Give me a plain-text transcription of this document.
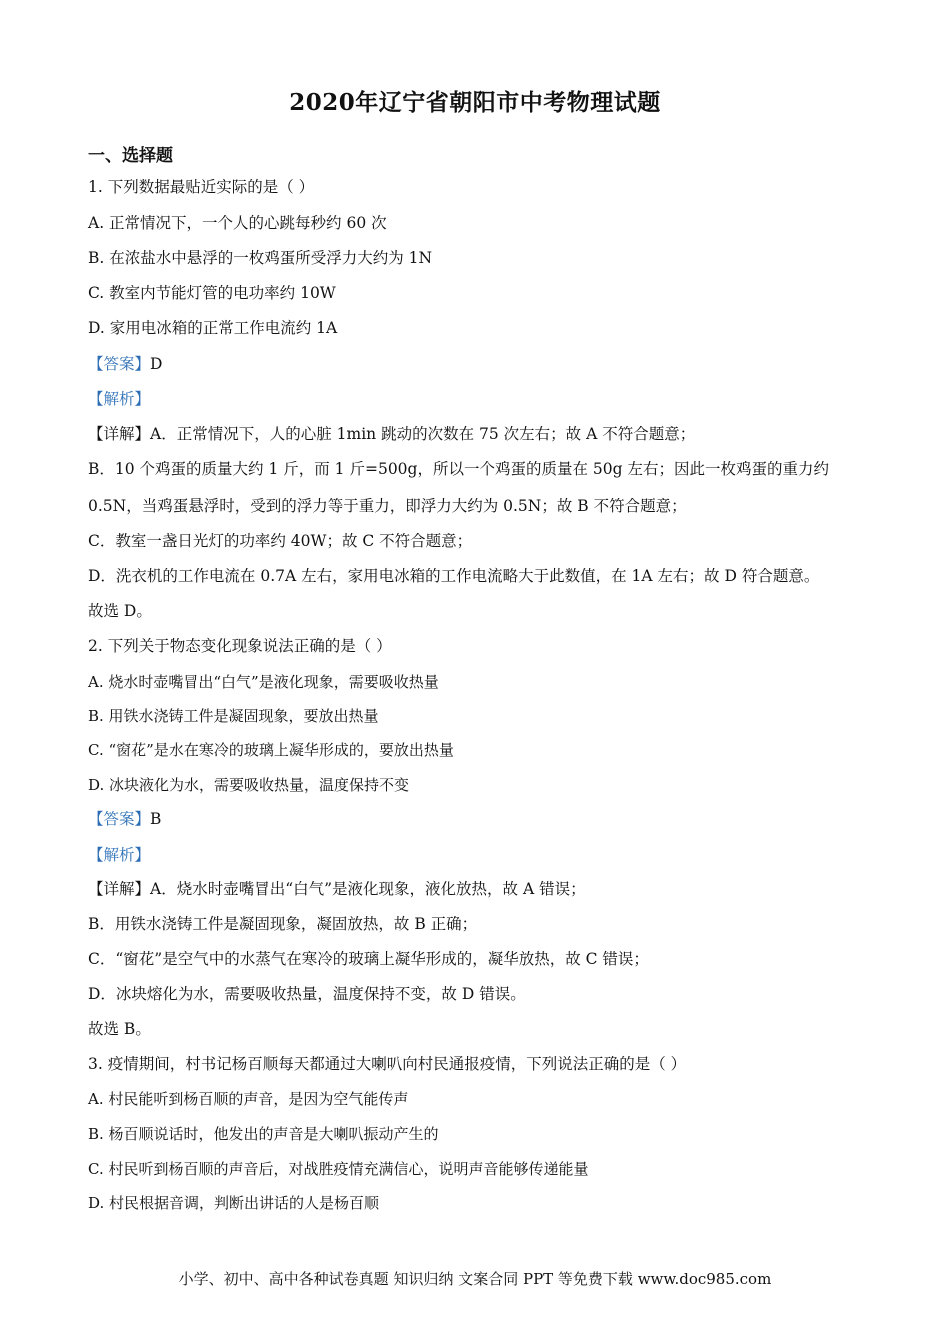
2020年辽宁省朝阳市中考物理试题
一、选择题
1. 下列数据最贴近实际的是（ ）
A. 正常情况下，一个人的心跳每秒约 60 次
B. 在浓盐水中悬浮的一枚鸡蛋所受浮力大约为 1N
C. 教室内节能灯管的电功率约 10W
D. 家用电冰箱的正常工作电流约 1A
【答案】D
【解析】
【详解】A．正常情况下，人的心脏 1min 跳动的次数在 75 次左右；故 A 不符合题意；
B．10 个鸡蛋的质量大约 1 斤，而 1 斤=500g，所以一个鸡蛋的质量在 50g 左右；因此一枚鸡蛋的重力约
0.5N，当鸡蛋悬浮时，受到的浮力等于重力，即浮力大约为 0.5N；故 B 不符合题意；
C．教室一盏日光灯的功率约 40W；故 C 不符合题意；
D．洗衣机的工作电流在 0.7A 左右，家用电冰箱的工作电流略大于此数值，在 1A 左右；故 D 符合题意。
故选 D。
2. 下列关于物态变化现象说法正确的是（ ）
A. 烧水时壶嘴冒出“白气”是液化现象，需要吸收热量
B. 用铁水浇铸工件是凝固现象，要放出热量
C. “窗花”是水在寒冷的玻璃上凝华形成的，要放出热量
D. 冰块液化为水，需要吸收热量，温度保持不变
【答案】B
【解析】
【详解】A．烧水时壶嘴冒出“白气”是液化现象，液化放热，故 A 错误；
B．用铁水浇铸工件是凝固现象，凝固放热，故 B 正确；
C．“窗花”是空气中的水蒸气在寒冷的玻璃上凝华形成的，凝华放热，故 C 错误；
D．冰块熔化为水，需要吸收热量，温度保持不变，故 D 错误。
故选 B。
3. 疫情期间，村书记杨百顺每天都通过大喇叭向村民通报疫情，下列说法正确的是（ ）
A. 村民能听到杨百顺的声音，是因为空气能传声
B. 杨百顺说话时，他发出的声音是大喇叭振动产生的
C. 村民听到杨百顺的声音后，对战胜疫情充满信心，说明声音能够传递能量
D. 村民根据音调，判断出讲话的人是杨百顺
小学、初中、高中各种试卷真题 知识归纳 文案合同 PPT 等免费下载 www.doc985.com
